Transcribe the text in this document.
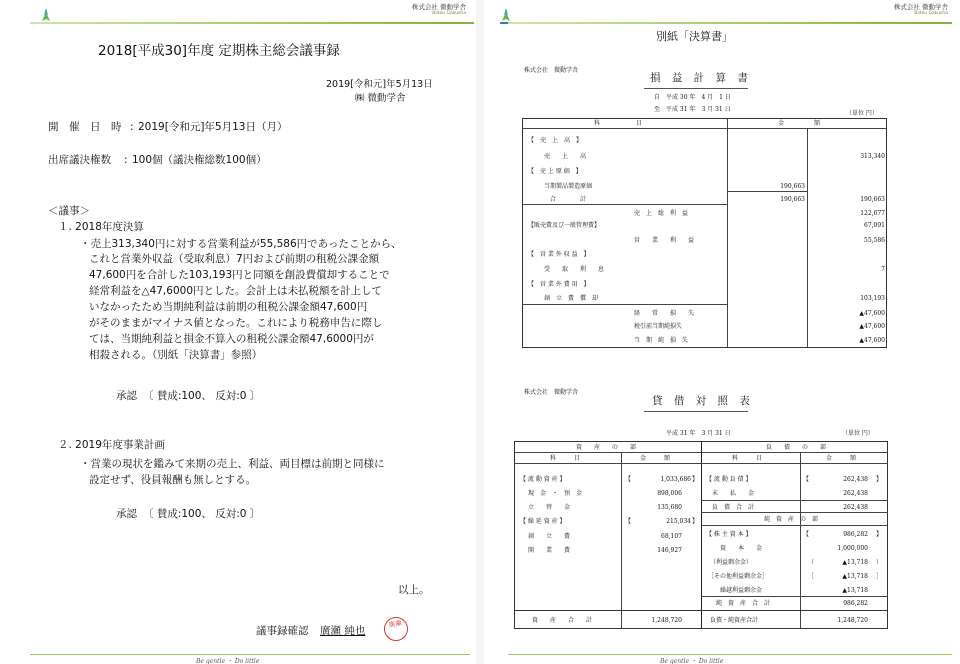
株式会社 微動学舎
Bidou Gakusha
2018[平成30]年度 定期株主総会議事録
2019[令和元]年5月13日
㈱ 微動学舎
開　催　日　時 : 2019[令和元]年5月13日（月）
出席議決権数 : 100個（議決権総数100個）
＜議事＞
１. 2018年度決算
・売上313,340円に対する営業利益が55,586円であったことから、
これと営業外収益（受取利息）7円および前期の租税公課金額
47,600円を合計した103,193円と同額を創設費償却することで
経常利益を△47,6000円とした。会計上は未払税額を計上して
いなかったため当期純利益は前期の租税公課金額47,600円
がそのままがマイナス値となった。これにより税務申告に際し
ては、当期純利益と損金不算入の租税公課金額47,6000円が
相殺される。（別紙「決算書」参照）
承認 〔 賛成:100、 反対:0 〕
２. 2019年度事業計画
・営業の現状を鑑みて来期の売上、利益、両目標は前期と同様に
設定せず、役員報酬も無しとする。
承認 〔 賛成:100、 反対:0 〕
以上。
議事録確認 廣瀬 純也
廣瀬
Be gentle ・ Do little
株式会社 微動学舎
Bidou Gakusha
別紙「決算書」
株式会社　微動学舎
損 益 計 算 書
自　平成 30 年　4 月　1 日
至　平成 31 年　3 月 31 日
（単位 円）
科　　　　　　目	金　　　　　額
【　売　上　高　】
売　　上　　高	313,340
【　売 上 原 価　】
当期製品製造原価	190,663
合　　　　計	190,663	190,663
売　上　総　利　益	122,677
【販売費及び一般管理費】	67,091
営　　業　　利　　益	55,586
【　営 業 外 収 益　】
受　　取　　利　　息	7
【　営 業 外 費 用　】
創　立　費　償　却	103,193
経　　常　　損　　失	▲47,600
税引前当期純損失	▲47,600
当　期　純　損　失	▲47,600
株式会社　微動学舎
貸 借 対 照 表
平成 31 年　3 月 31 日	（単位 円）
資　　産　　の　　部	負　　債　　の　　部
科　　　目	金　　　額	科　　　目	金　　　額
【 流 動 資 産 】	【	1,033,686 】
現　金　・　預　金	898,006
立　　替　　金	135,680
【 繰 延 資 産 】	【	215,034 】
創　　立　　費	68,107
開　　業　　費	146,927
【 流 動 負 債 】	【	262,438 】
未　　払　　金	262,438
負　債　合　計	262,438
純　資　産　の　部
【 株 主 資 本 】	【	986,282 】
資　　本　　金	1,000,000
（利益剰余金）	（	▲13,718 ）
［その他利益剰余金］	［	▲13,718 ］
繰越利益剰余金	▲13,718
純　資　産　合　計	986,282
資　　産　　合　　計	1,248,720	負債・純資産合計	1,248,720
Be gentle ・ Do little
